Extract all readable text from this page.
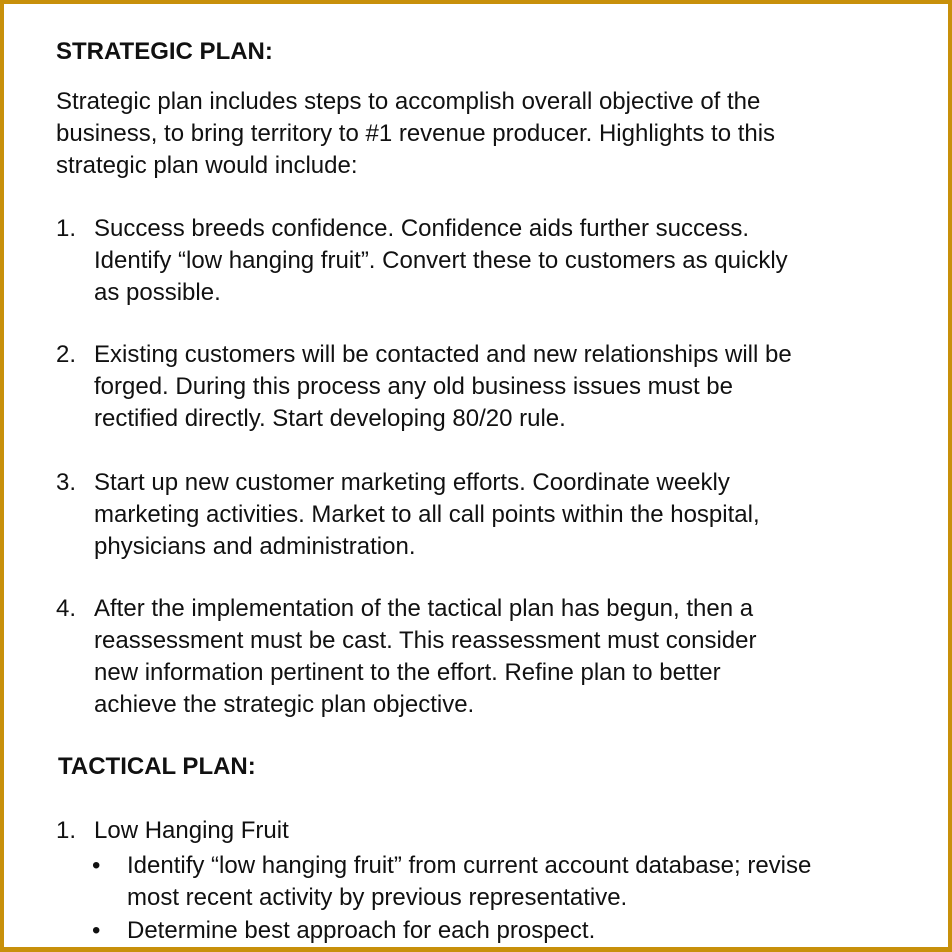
STRATEGIC PLAN:
Strategic plan includes steps to accomplish overall objective of the
business, to bring territory to #1 revenue producer. Highlights to this
strategic plan would include:
1. Success breeds confidence. Confidence aids further success.
Identify “low hanging fruit”. Convert these to customers as quickly
as possible.
2. Existing customers will be contacted and new relationships will be
forged. During this process any old business issues must be
rectified directly. Start developing 80/20 rule.
3. Start up new customer marketing efforts. Coordinate weekly
marketing activities. Market to all call points within the hospital,
physicians and administration.
4. After the implementation of the tactical plan has begun, then a
reassessment must be cast. This reassessment must consider
new information pertinent to the effort. Refine plan to better
achieve the strategic plan objective.
TACTICAL PLAN:
1. Low Hanging Fruit
• Identify “low hanging fruit” from current account database; revise
most recent activity by previous representative.
• Determine best approach for each prospect.
